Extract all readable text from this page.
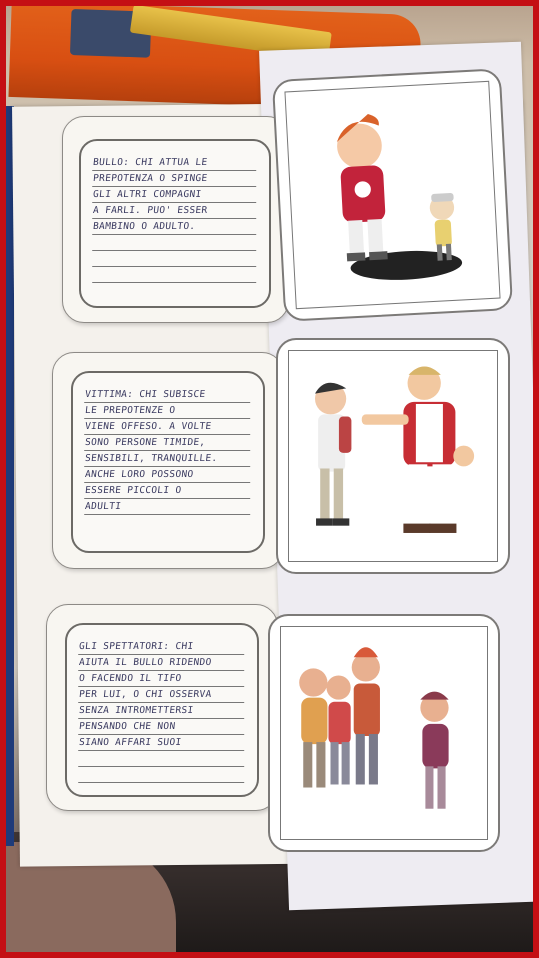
BULLO: CHI ATTUA LE
PREPOTENZA O SPINGE
GLI ALTRI COMPAGNI
A FARLI. PUO' ESSER
BAMBINO O ADULTO.
VITTIMA: CHI SUBISCE
LE PREPOTENZE O
VIENE OFFESO. A VOLTE
SONO PERSONE TIMIDE,
SENSIBILI, TRANQUILLE.
ANCHE LORO POSSONO
ESSERE PICCOLI O
ADULTI
GLI SPETTATORI: CHI
AIUTA IL BULLO RIDENDO
O FACENDO IL TIFO
PER LUI, O CHI OSSERVA
SENZA INTROMETTERSI
PENSANDO CHE NON
SIANO AFFARI SUOI
